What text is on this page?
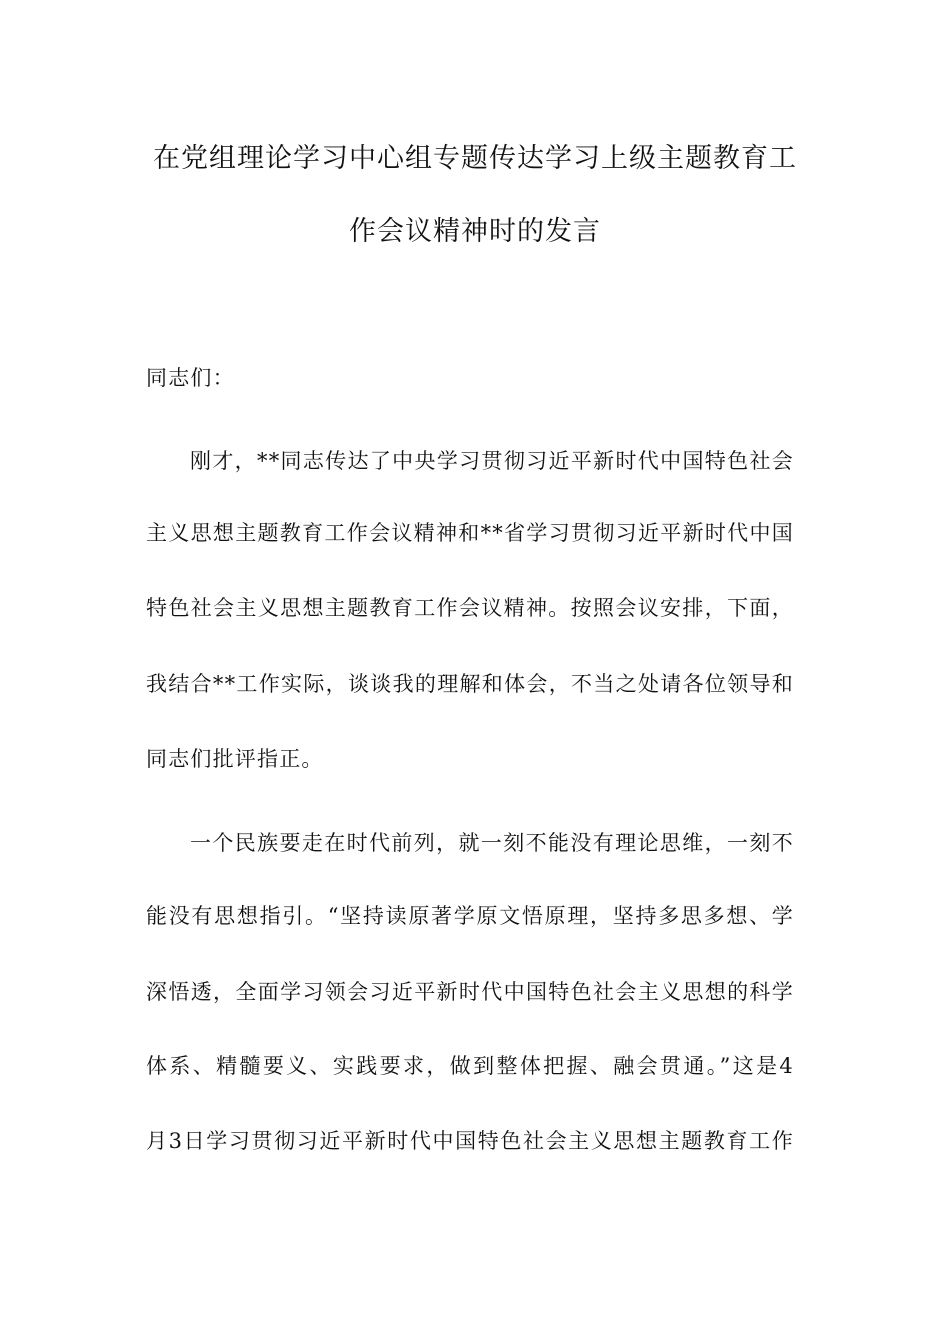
在党组理论学习中心组专题传达学习上级主题教育工
作会议精神时的发言
同志们：
刚才，**同志传达了中央学习贯彻习近平新时代中国特色社会
主义思想主题教育工作会议精神和**省学习贯彻习近平新时代中国
特色社会主义思想主题教育工作会议精神。按照会议安排，下面，
我结合**工作实际，谈谈我的理解和体会，不当之处请各位领导和
同志们批评指正。
一个民族要走在时代前列，就一刻不能没有理论思维，一刻不
能没有思想指引。“坚持读原著学原文悟原理，坚持多思多想、学
深悟透，全面学习领会习近平新时代中国特色社会主义思想的科学
体系、精髓要义、实践要求，做到整体把握、融会贯通。”这是4
月3日学习贯彻习近平新时代中国特色社会主义思想主题教育工作
